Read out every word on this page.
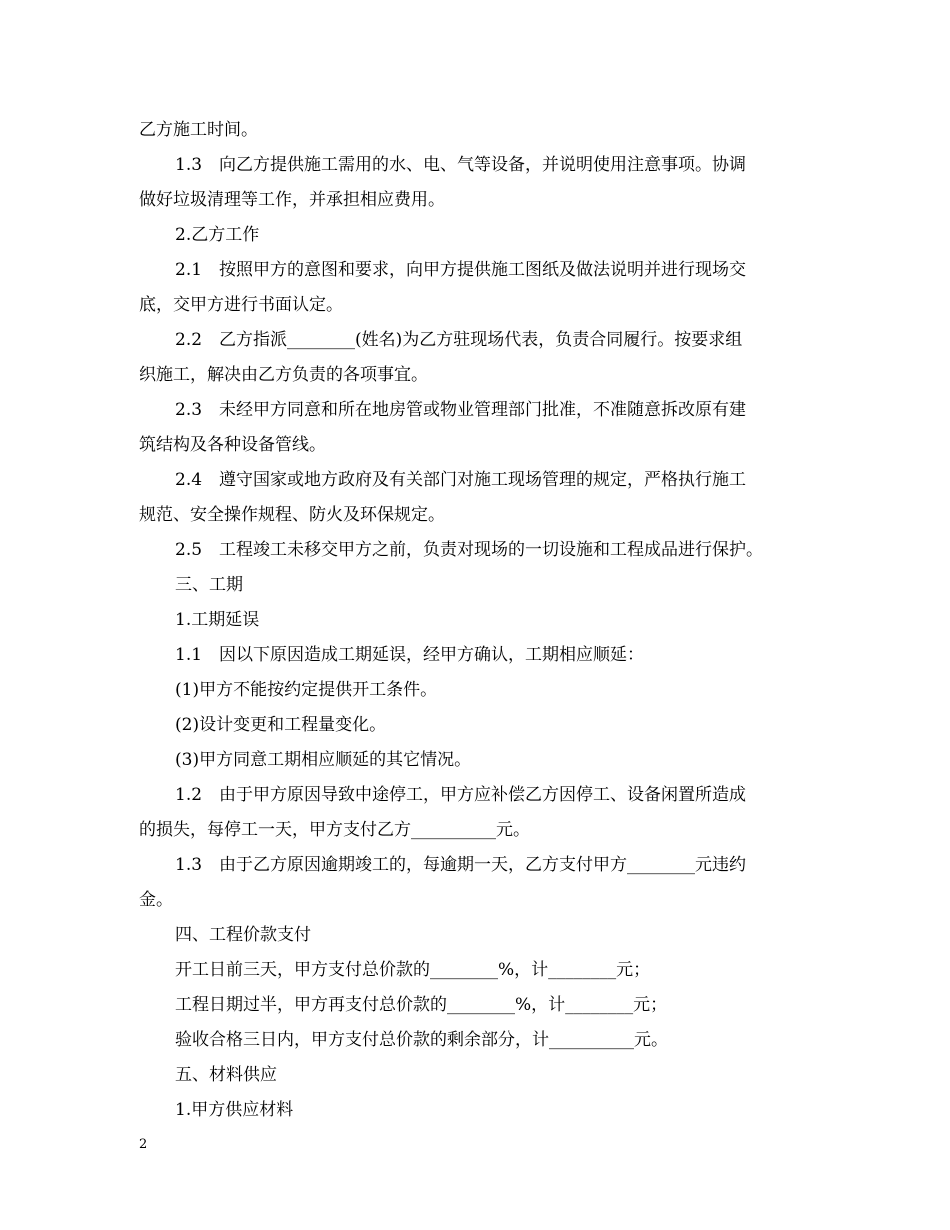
乙方施工时间。
1.3　向乙方提供施工需用的水、电、气等设备，并说明使用注意事项。协调
做好垃圾清理等工作，并承担相应费用。
2.乙方工作
2.1　按照甲方的意图和要求，向甲方提供施工图纸及做法说明并进行现场交
底，交甲方进行书面认定。
2.2　乙方指派________(姓名)为乙方驻现场代表，负责合同履行。按要求组
织施工，解决由乙方负责的各项事宜。
2.3　未经甲方同意和所在地房管或物业管理部门批准，不准随意拆改原有建
筑结构及各种设备管线。
2.4　遵守国家或地方政府及有关部门对施工现场管理的规定，严格执行施工
规范、安全操作规程、防火及环保规定。
2.5　工程竣工未移交甲方之前，负责对现场的一切设施和工程成品进行保护。
三、工期
1.工期延误
1.1　因以下原因造成工期延误，经甲方确认，工期相应顺延：
(1)甲方不能按约定提供开工条件。
(2)设计变更和工程量变化。
(3)甲方同意工期相应顺延的其它情况。
1.2　由于甲方原因导致中途停工，甲方应补偿乙方因停工、设备闲置所造成
的损失，每停工一天，甲方支付乙方__________元。
1.3　由于乙方原因逾期竣工的，每逾期一天，乙方支付甲方________元违约
金。
四、工程价款支付
开工日前三天，甲方支付总价款的________%，计________元；
工程日期过半，甲方再支付总价款的________%，计________元；
验收合格三日内，甲方支付总价款的剩余部分，计__________元。
五、材料供应
1.甲方供应材料
2
